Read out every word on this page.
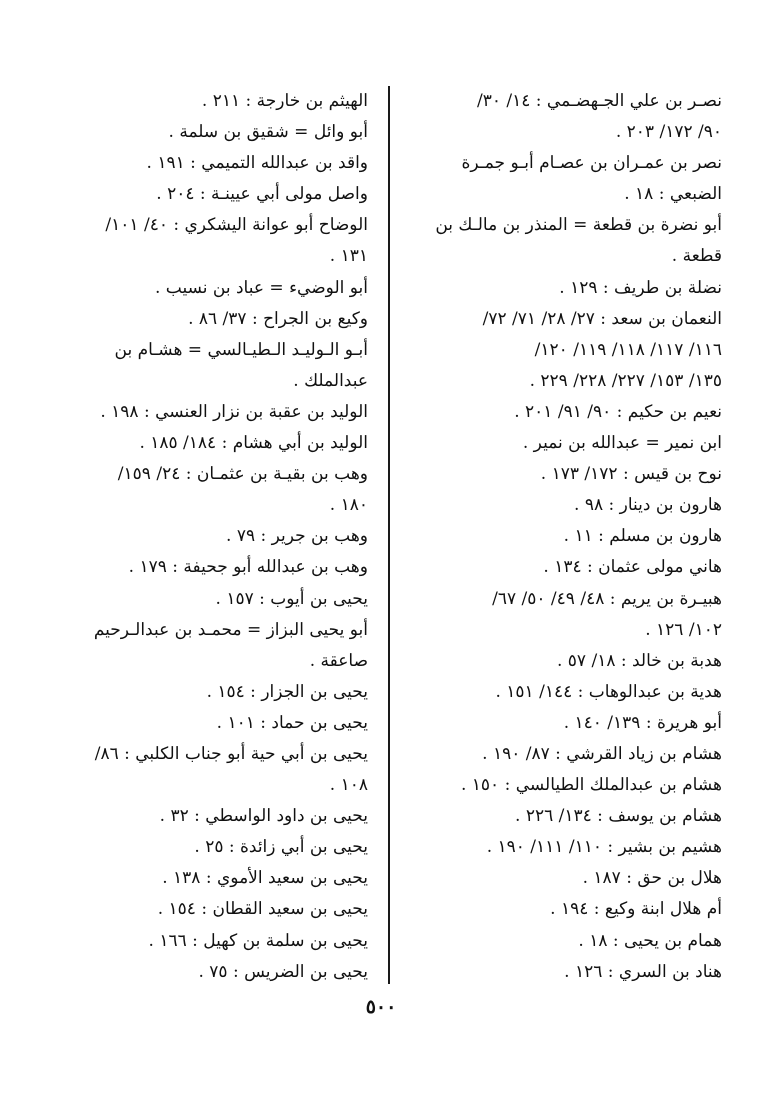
نصـر بن علي الجـهضـمي : ١٤/ ٣٠/
٩٠/ ١٧٢/ ٢٠٣ .
نصر بن عمـران بن عصـام أبـو جمـرة
الضبعي : ١٨ .
أبو نضرة بن قطعة = المنذر بن مالـك بن
قطعة .
نضلة بن طريف : ١٢٩ .
النعمان بن سعد : ٢٧/ ٢٨/ ٧١/ ٧٢/
١١٦/ ١١٧/ ١١٨/ ١١٩/ ١٢٠/
١٣٥/ ١٥٣/ ٢٢٧/ ٢٢٨/ ٢٢٩ .
نعيم بن حكيم : ٩٠/ ٩١/ ٢٠١ .
ابن نمير = عبدالله بن نمير .
نوح بن قيس : ١٧٢/ ١٧٣ .
هارون بن دينار : ٩٨ .
هارون بن مسلم : ١١ .
هاني مولى عثمان : ١٣٤ .
هبيـرة بن يريم : ٤٨/ ٤٩/ ٥٠/ ٦٧/
١٠٢/ ١٢٦ .
هدبة بن خالد : ١٨/ ٥٧ .
هدية بن عبدالوهاب : ١٤٤/ ١٥١ .
أبو هريرة : ١٣٩/ ١٤٠ .
هشام بن زياد القرشي : ٨٧/ ١٩٠ .
هشام بن عبدالملك الطيالسي : ١٥٠ .
هشام بن يوسف : ١٣٤/ ٢٢٦ .
هشيم بن بشير : ١١٠/ ١١١/ ١٩٠ .
هلال بن حق : ١٨٧ .
أم هلال ابنة وكيع : ١٩٤ .
همام بن يحيى : ١٨ .
هناد بن السري : ١٢٦ .
الهيثم بن خارجة : ٢١١ .
أبو وائل = شقيق بن سلمة .
واقد بن عبدالله التميمي : ١٩١ .
واصل مولى أبي عيينـة : ٢٠٤ .
الوضاح أبو عوانة اليشكري : ٤٠/ ١٠١/
١٣١ .
أبو الوضيء = عباد بن نسيب .
وكيع بن الجراح : ٣٧/ ٨٦ .
أبـو الـوليـد الـطيـالسي = هشـام بن
عبدالملك .
الوليد بن عقبة بن نزار العنسي : ١٩٨ .
الوليد بن أبي هشام : ١٨٤/ ١٨٥ .
وهب بن بقيـة بن عثمـان : ٢٤/ ١٥٩/
١٨٠ .
وهب بن جرير : ٧٩ .
وهب بن عبدالله أبو جحيفة : ١٧٩ .
يحيى بن أيوب : ١٥٧ .
أبو يحيى البزاز = محمـد بن عبدالـرحيم
صاعقة .
يحيى بن الجزار : ١٥٤ .
يحيى بن حماد : ١٠١ .
يحيى بن أبي حية أبو جناب الكلبي : ٨٦/
١٠٨ .
يحيى بن داود الواسطي : ٣٢ .
يحيى بن أبي زائدة : ٢٥ .
يحيى بن سعيد الأموي : ١٣٨ .
يحيى بن سعيد القطان : ١٥٤ .
يحيى بن سلمة بن كهيل : ١٦٦ .
يحيى بن الضريس : ٧٥ .
٥٠٠
